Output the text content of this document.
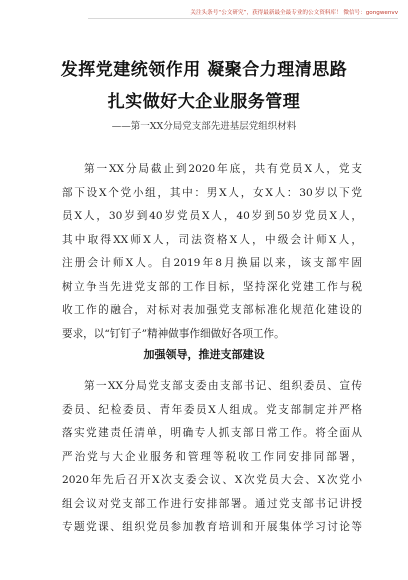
关注头条号“公文研究”，获得最新最全最专业的公文资料库！ 微信号：gongwenvv
发挥党建统领作用 凝聚合力理清思路
扎实做好大企业服务管理
——第一XX分局党支部先进基层党组织材料
第一XX分局截止到2020年底，共有党员X人，党支
部下设X个党小组，其中：男X人，女X人：30岁以下党
员X人，30岁到40岁党员X人，40岁到50岁党员X人，
其中取得XX师X人，司法资格X人，中级会计师X人，
注册会计师X人。自2019年8月换届以来，该支部牢固
树立争当先进党支部的工作目标，坚持深化党建工作与税
收工作的融合，对标对表加强党支部标准化规范化建设的
要求，以“钉钉子”精神做事作细做好各项工作。
加强领导，推进支部建设
第一XX分局党支部支委由支部书记、组织委员、宣传
委员、纪检委员、青年委员X人组成。党支部制定并严格
落实党建责任清单，明确专人抓支部日常工作。将全面从
严治党与大企业服务和管理等税收工作同安排同部署，
2020年先后召开X次支委会议、X次党员大会、X次党小
组会议对党支部工作进行安排部署。通过党支部书记讲授
专题党课、组织党员参加教育培训和开展集体学习讨论等
